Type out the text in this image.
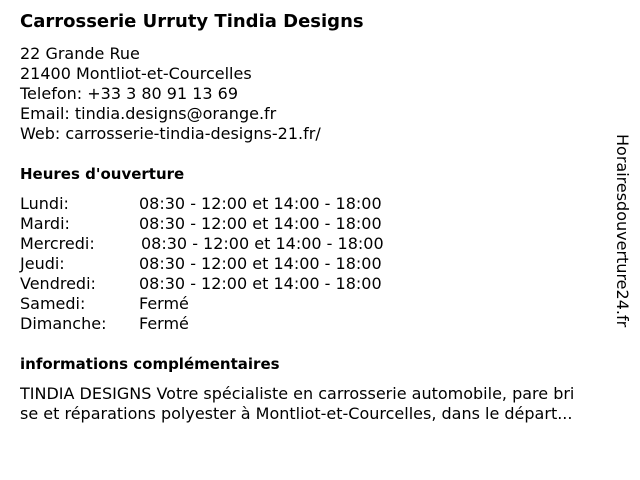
Carrosserie Urruty Tindia Designs
22 Grande Rue
21400 Montliot-et-Courcelles
Telefon: +33 3 80 91 13 69
Email: tindia.designs@orange.fr
Web: carrosserie-tindia-designs-21.fr/
Heures d'ouverture
Lundi:	08:30 - 12:00 et 14:00 - 18:00
Mardi:	08:30 - 12:00 et 14:00 - 18:00
Mercredi:	08:30 - 12:00 et 14:00 - 18:00
Jeudi:	08:30 - 12:00 et 14:00 - 18:00
Vendredi:	08:30 - 12:00 et 14:00 - 18:00
Samedi:	Fermé
Dimanche: Fermé
informations complémentaires
TINDIA DESIGNS Votre spécialiste en carrosserie automobile, pare bri
se et réparations polyester à Montliot-et-Courcelles, dans le départ...
Horairesdouverture24.fr
